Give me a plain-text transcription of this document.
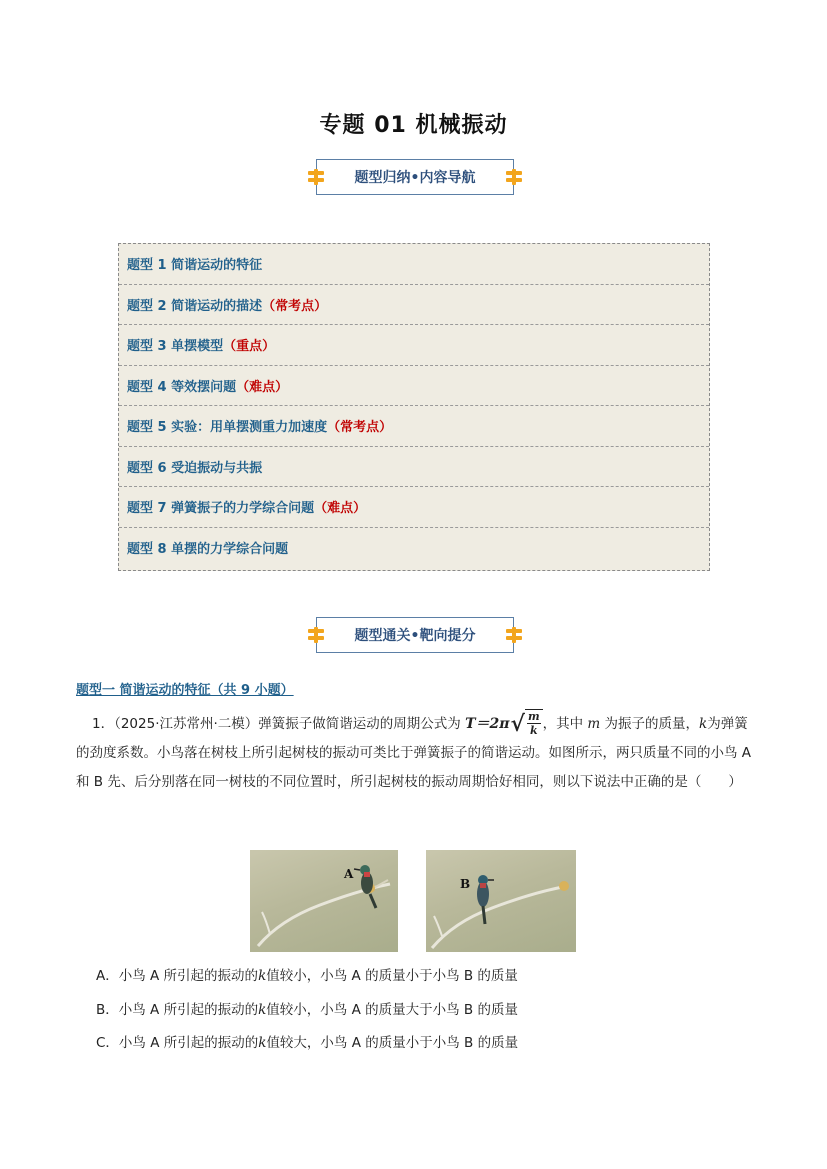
专题 01 机械振动
题型归纳•内容导航
题型 1 简谐运动的特征
题型 2 简谐运动的描述 （常考点）
题型 3 单摆模型 （重点）
题型 4 等效摆问题 （难点）
题型 5 实验：用单摆测重力加速度 （常考点）
题型 6 受迫振动与共振
题型 7 弹簧振子的力学综合问题 （难点）
题型 8 单摆的力学综合问题
题型通关•靶向提分
题型一 简谐运动的特征（共 9 小题）
1．（2025·江苏常州·二模）弹簧振子做简谐运动的周期公式为 T＝2π √ $\frac{m}{k}$ ，其中 m 为振子的质量，k为弹簧的劲度系数。小鸟落在树枝上所引起树枝的振动可类比于弹簧振子的简谐运动。如图所示，两只质量不同的小鸟 A 和 B 先、后分别落在同一树枝的不同位置时，所引起树枝的振动周期恰好相同，则以下说法中正确的是（　　）
A
B
A．小鸟 A 所引起的振动的k值较小，小鸟 A 的质量小于小鸟 B 的质量
B．小鸟 A 所引起的振动的k值较小，小鸟 A 的质量大于小鸟 B 的质量
C．小鸟 A 所引起的振动的k值较大，小鸟 A 的质量小于小鸟 B 的质量
